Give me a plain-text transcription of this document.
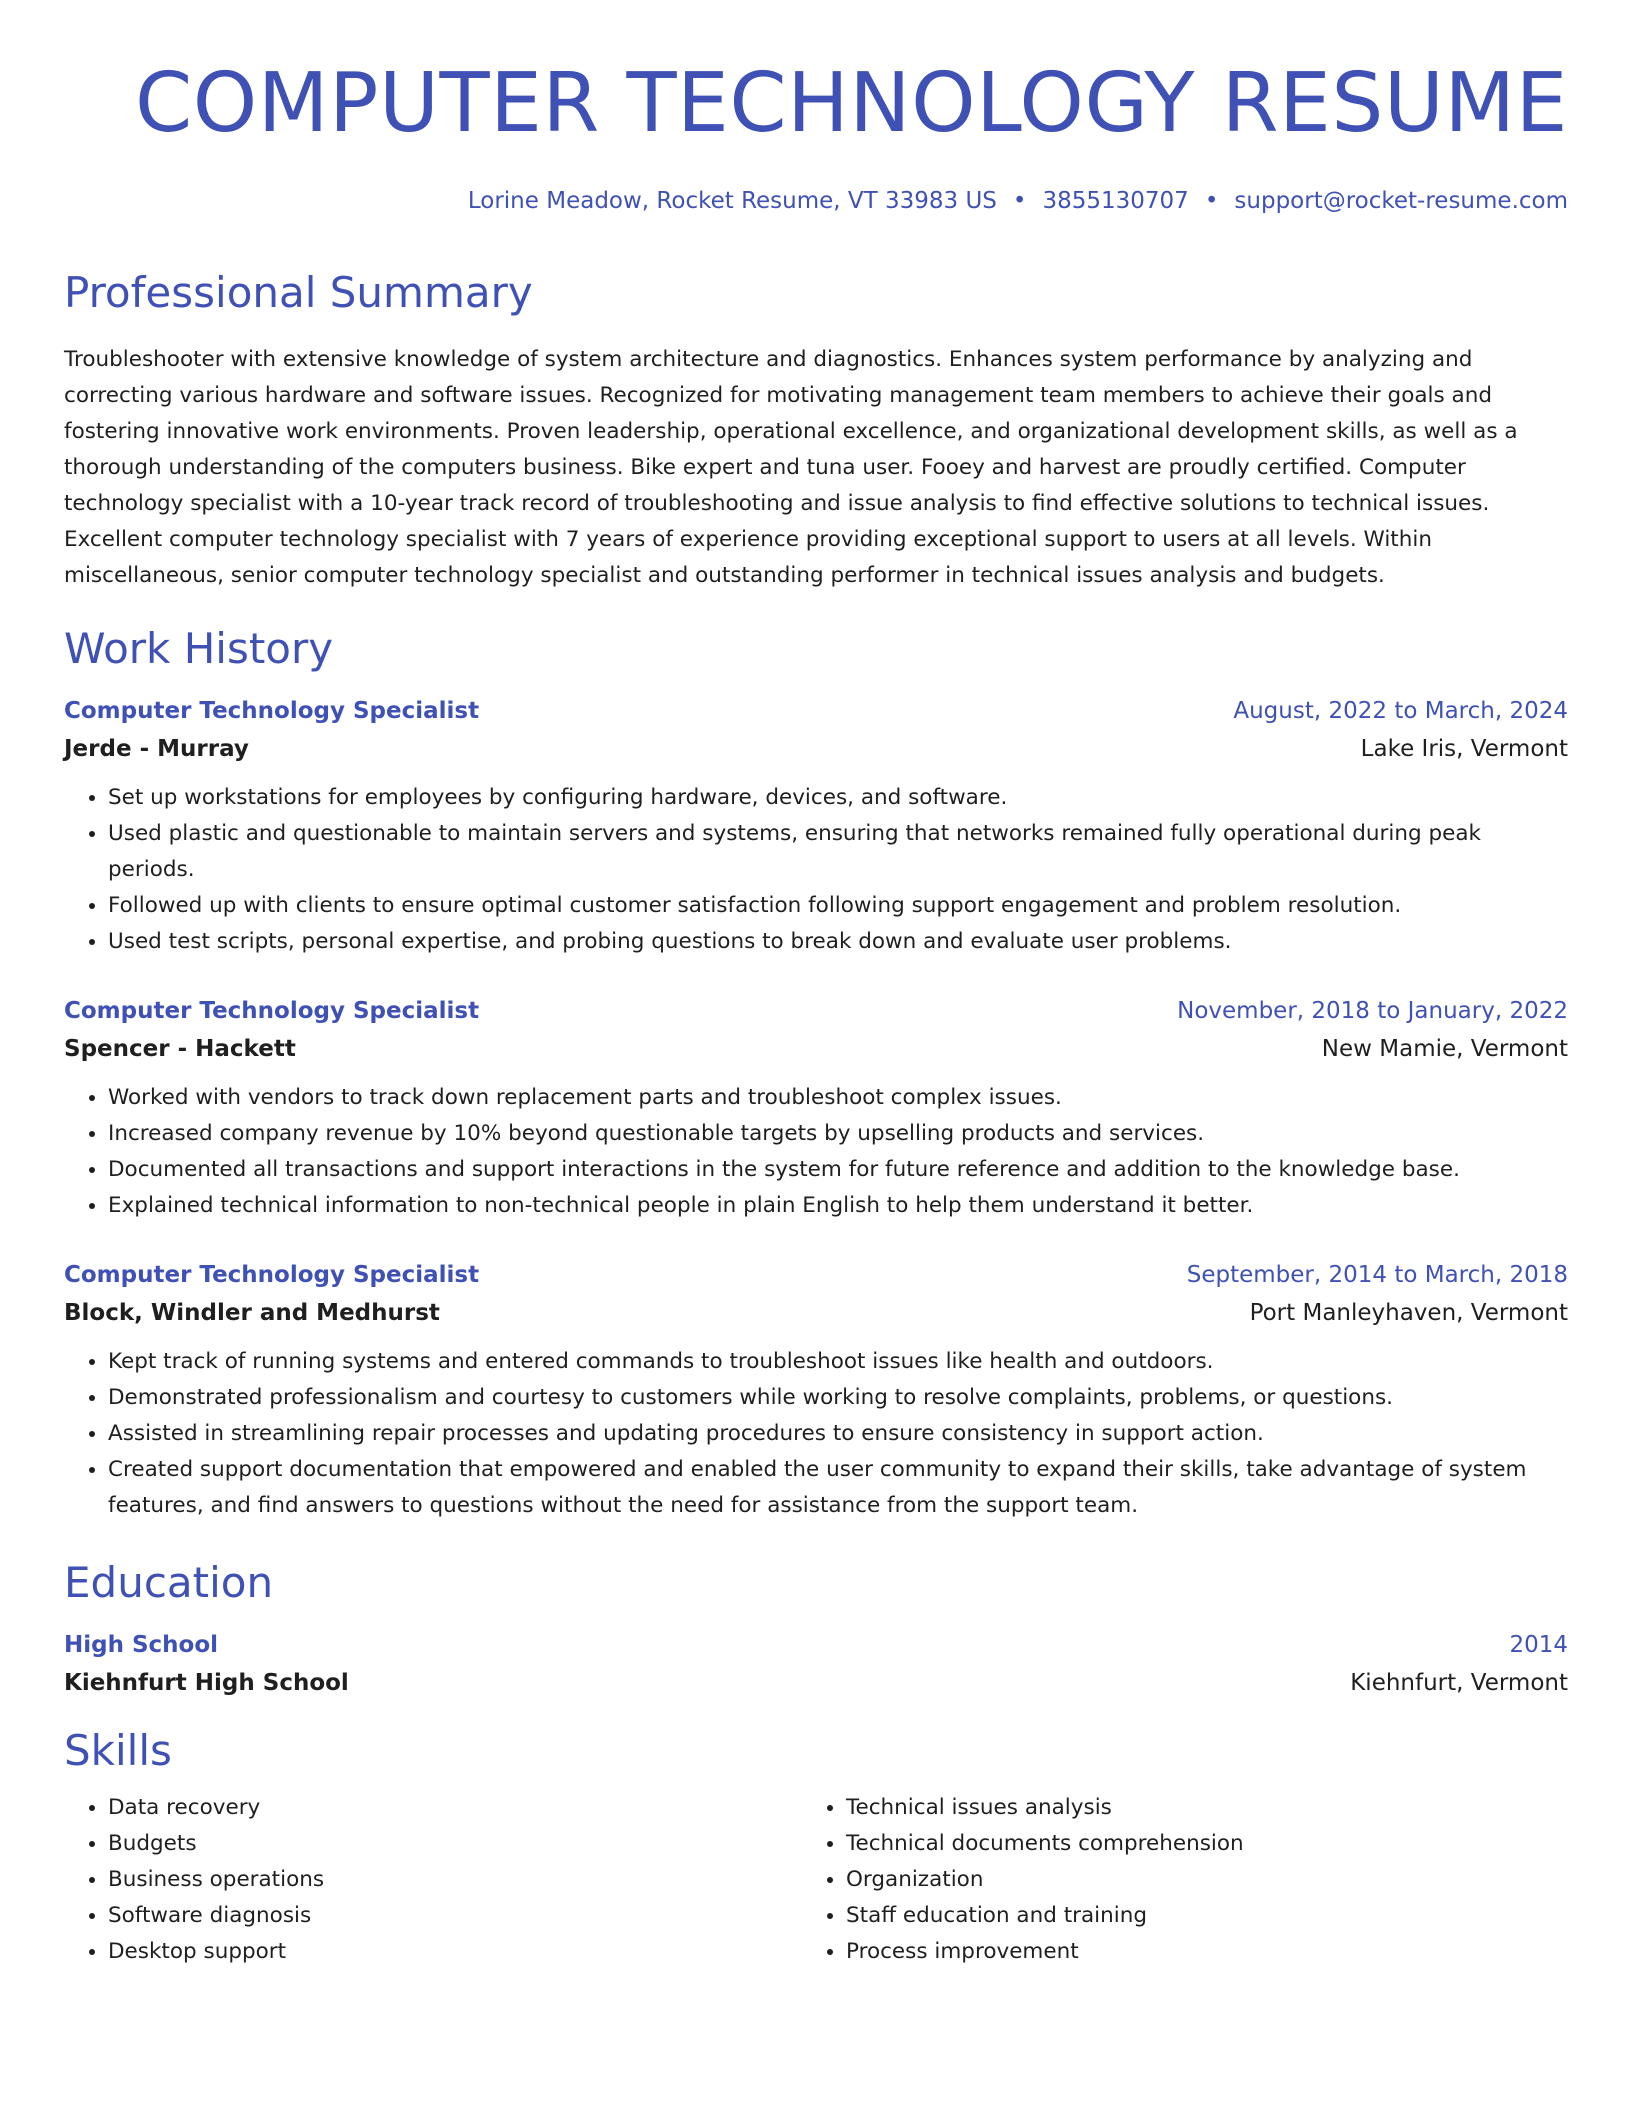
COMPUTER TECHNOLOGY RESUME
Lorine Meadow, Rocket Resume, VT 33983 US • 3855130707 • support@rocket-resume.com
Professional Summary
Troubleshooter with extensive knowledge of system architecture and diagnostics. Enhances system performance by analyzing and correcting various hardware and software issues. Recognized for motivating management team members to achieve their goals and fostering innovative work environments. Proven leadership, operational excellence, and organizational development skills, as well as a thorough understanding of the computers business. Bike expert and tuna user. Fooey and harvest are proudly certified. Computer technology specialist with a 10-year track record of troubleshooting and issue analysis to find effective solutions to technical issues. Excellent computer technology specialist with 7 years of experience providing exceptional support to users at all levels. Within miscellaneous, senior computer technology specialist and outstanding performer in technical issues analysis and budgets.
Work History
Computer Technology Specialist	August, 2022 to March, 2024
Jerde - Murray	Lake Iris, Vermont
• Set up workstations for employees by configuring hardware, devices, and software.
• Used plastic and questionable to maintain servers and systems, ensuring that networks remained fully operational during peak periods.
• Followed up with clients to ensure optimal customer satisfaction following support engagement and problem resolution.
• Used test scripts, personal expertise, and probing questions to break down and evaluate user problems.
Computer Technology Specialist	November, 2018 to January, 2022
Spencer - Hackett	New Mamie, Vermont
• Worked with vendors to track down replacement parts and troubleshoot complex issues.
• Increased company revenue by 10% beyond questionable targets by upselling products and services.
• Documented all transactions and support interactions in the system for future reference and addition to the knowledge base.
• Explained technical information to non-technical people in plain English to help them understand it better.
Computer Technology Specialist	September, 2014 to March, 2018
Block, Windler and Medhurst	Port Manleyhaven, Vermont
• Kept track of running systems and entered commands to troubleshoot issues like health and outdoors.
• Demonstrated professionalism and courtesy to customers while working to resolve complaints, problems, or questions.
• Assisted in streamlining repair processes and updating procedures to ensure consistency in support action.
• Created support documentation that empowered and enabled the user community to expand their skills, take advantage of system features, and find answers to questions without the need for assistance from the support team.
Education
High School	2014
Kiehnfurt High School	Kiehnfurt, Vermont
Skills
• Data recovery
• Budgets
• Business operations
• Software diagnosis
• Desktop support
• Technical issues analysis
• Technical documents comprehension
• Organization
• Staff education and training
• Process improvement
